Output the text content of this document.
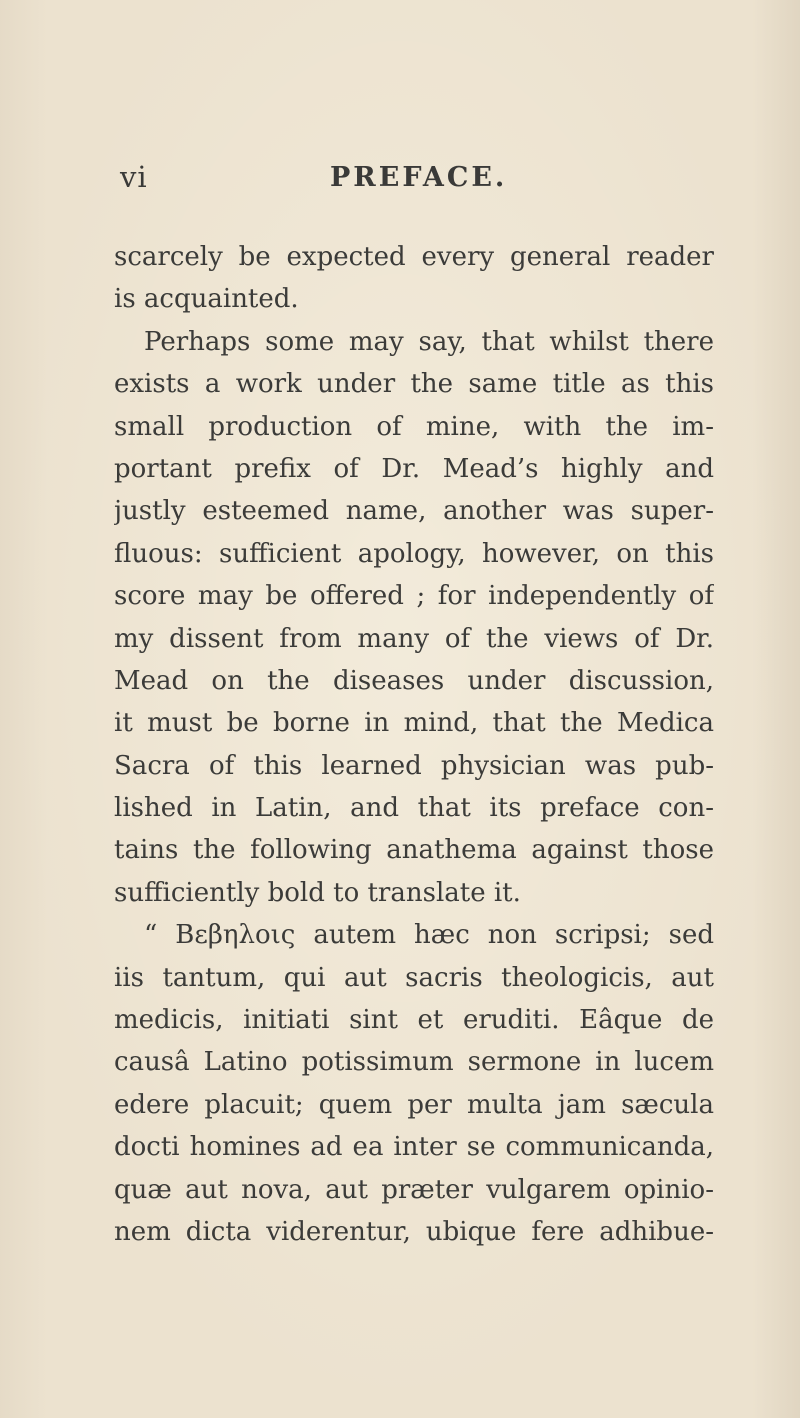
vi	PREFACE.
scarcely be expected every general reader
is acquainted.
Perhaps some may say, that whilst there
exists a work under the same title as this
small production of mine, with the im-
portant prefix of Dr. Mead’s highly and
justly esteemed name, another was super-
fluous: sufficient apology, however, on this
score may be offered ; for independently of
my dissent from many of the views of Dr.
Mead on the diseases under discussion,
it must be borne in mind, that the Medica
Sacra of this learned physician was pub-
lished in Latin, and that its preface con-
tains the following anathema against those
sufficiently bold to translate it.
“ Βεβηλοις autem hæc non scripsi; sed
iis tantum, qui aut sacris theologicis, aut
medicis, initiati sint et eruditi. Eâque de
causâ Latino potissimum sermone in lucem
edere placuit; quem per multa jam sæcula
docti homines ad ea inter se communicanda,
quæ aut nova, aut præter vulgarem opinio-
nem dicta viderentur, ubique fere adhibue-
